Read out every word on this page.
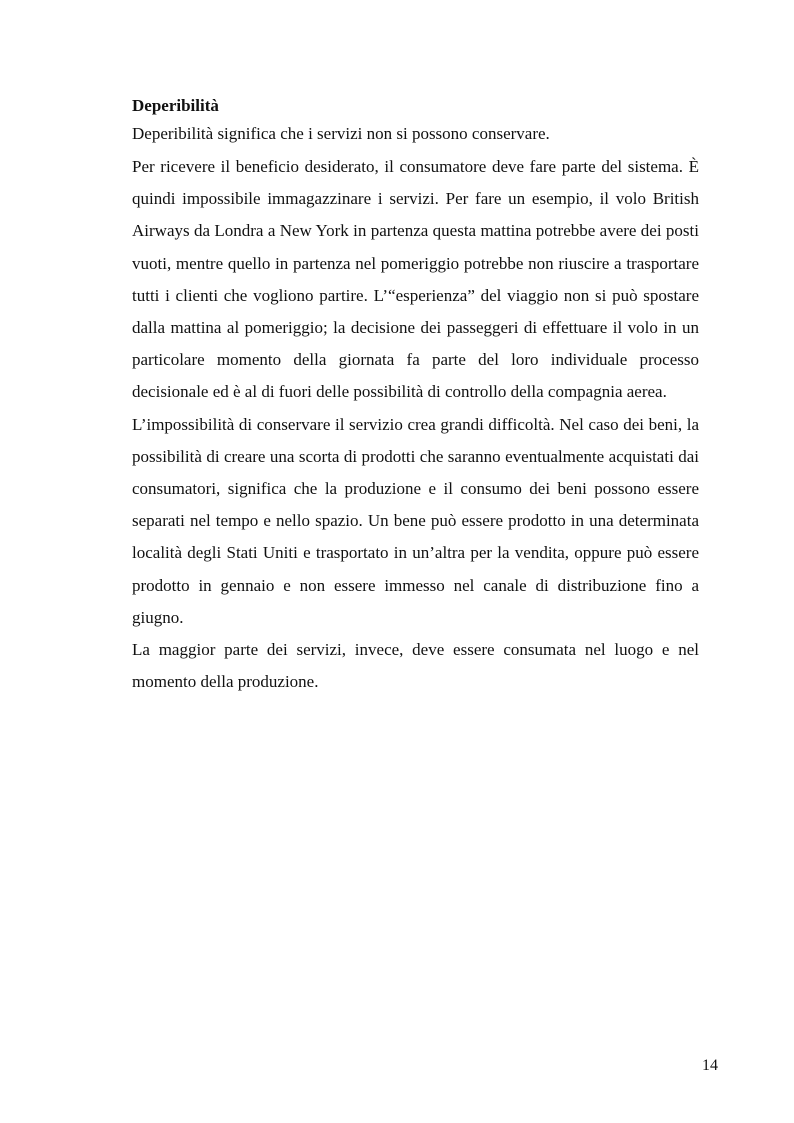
Deperibilità

Deperibilità significa che i servizi non si possono conservare.

Per ricevere il beneficio desiderato, il consumatore deve fare parte del sistema. È quindi impossibile immagazzinare i servizi. Per fare un esempio, il volo British Airways da Londra a New York in partenza questa mattina potrebbe avere dei posti vuoti, mentre quello in partenza nel pomeriggio potrebbe non riuscire a trasportare tutti i clienti che vogliono partire. L’“esperienza” del viaggio non si può spostare dalla mattina al pomeriggio; la decisione dei passeggeri di effettuare il volo in un particolare momento della giornata fa parte del loro individuale processo decisionale ed è al di fuori delle possibilità di controllo della compagnia aerea.

L’impossibilità di conservare il servizio crea grandi difficoltà. Nel caso dei beni, la possibilità di creare una scorta di prodotti che saranno eventualmente acquistati dai consumatori, significa che la produzione e il consumo dei beni possono essere separati nel tempo e nello spazio. Un bene può essere prodotto in una determinata località degli Stati Uniti e trasportato in un’altra per la vendita, oppure può essere prodotto in gennaio e non essere immesso nel canale di distribuzione fino a giugno.

La maggior parte dei servizi, invece, deve essere consumata nel luogo e nel momento della produzione.

14
